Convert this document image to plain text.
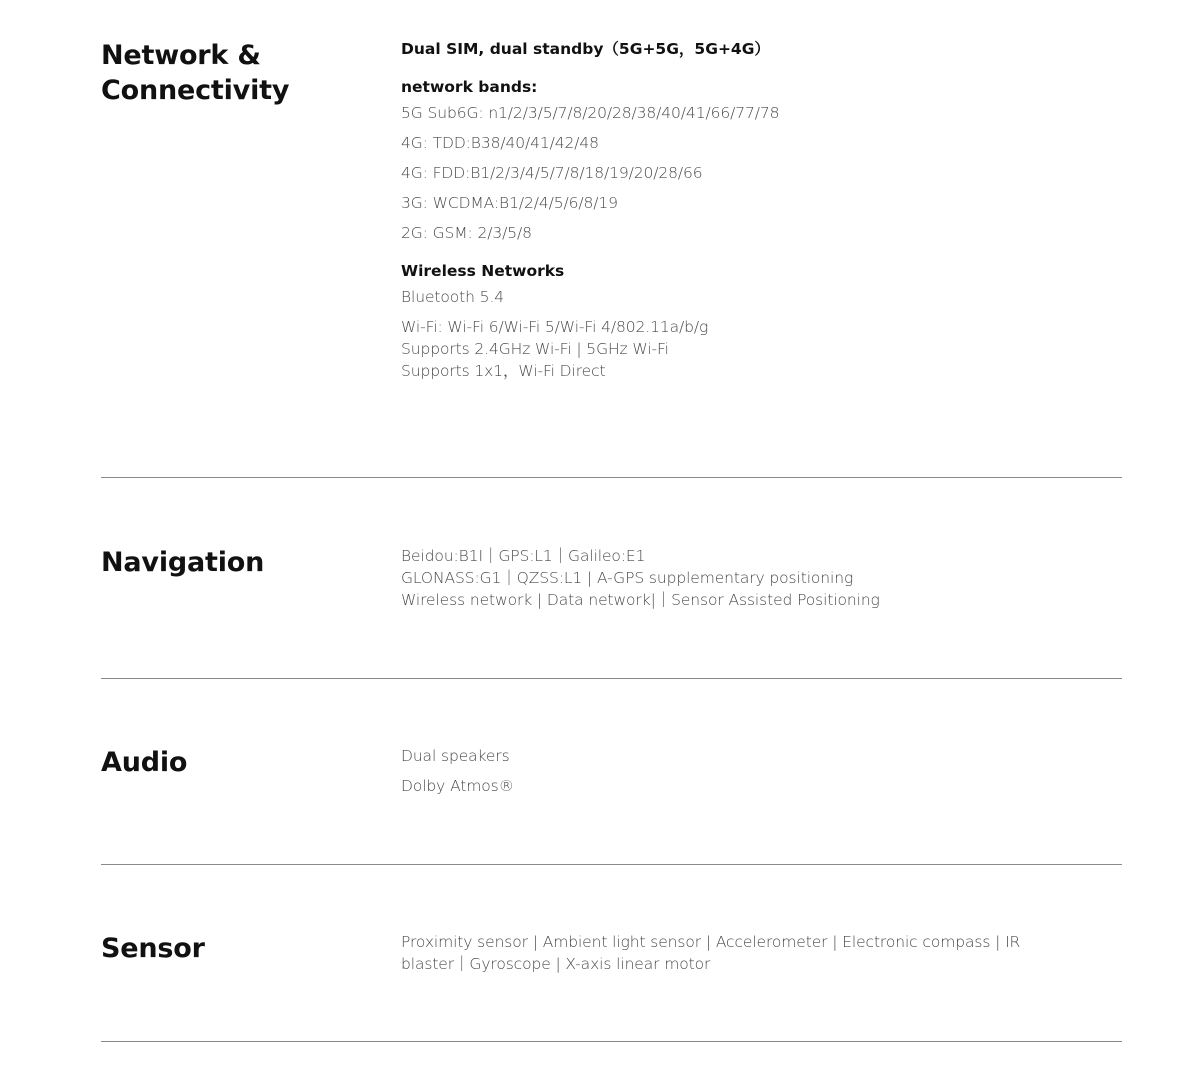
Network & Connectivity

Dual SIM, dual standby（5G+5G，5G+4G）

network bands:

5G Sub6G: n1/2/3/5/7/8/20/28/38/40/41/66/77/78

4G: TDD:B38/40/41/42/48

4G: FDD:B1/2/3/4/5/7/8/18/19/20/28/66

3G: WCDMA:B1/2/4/5/6/8/19

2G: GSM: 2/3/5/8

Wireless Networks

Bluetooth 5.4

Wi-Fi: Wi-Fi 6/Wi-Fi 5/Wi-Fi 4/802.11a/b/g

Supports 2.4GHz Wi-Fi | 5GHz Wi-Fi

Supports 1x1，Wi-Fi Direct

Navigation	Beidou:B1I｜GPS:L1｜Galileo:E1

GLONASS:G1｜QZSS:L1 | A-GPS supplementary positioning

Wireless network | Data network|｜Sensor Assisted Positioning

Audio	Dual speakers

Dolby Atmos®

Sensor	Proximity sensor | Ambient light sensor | Accelerometer | Electronic compass | IR

blaster｜Gyroscope | X-axis linear motor
